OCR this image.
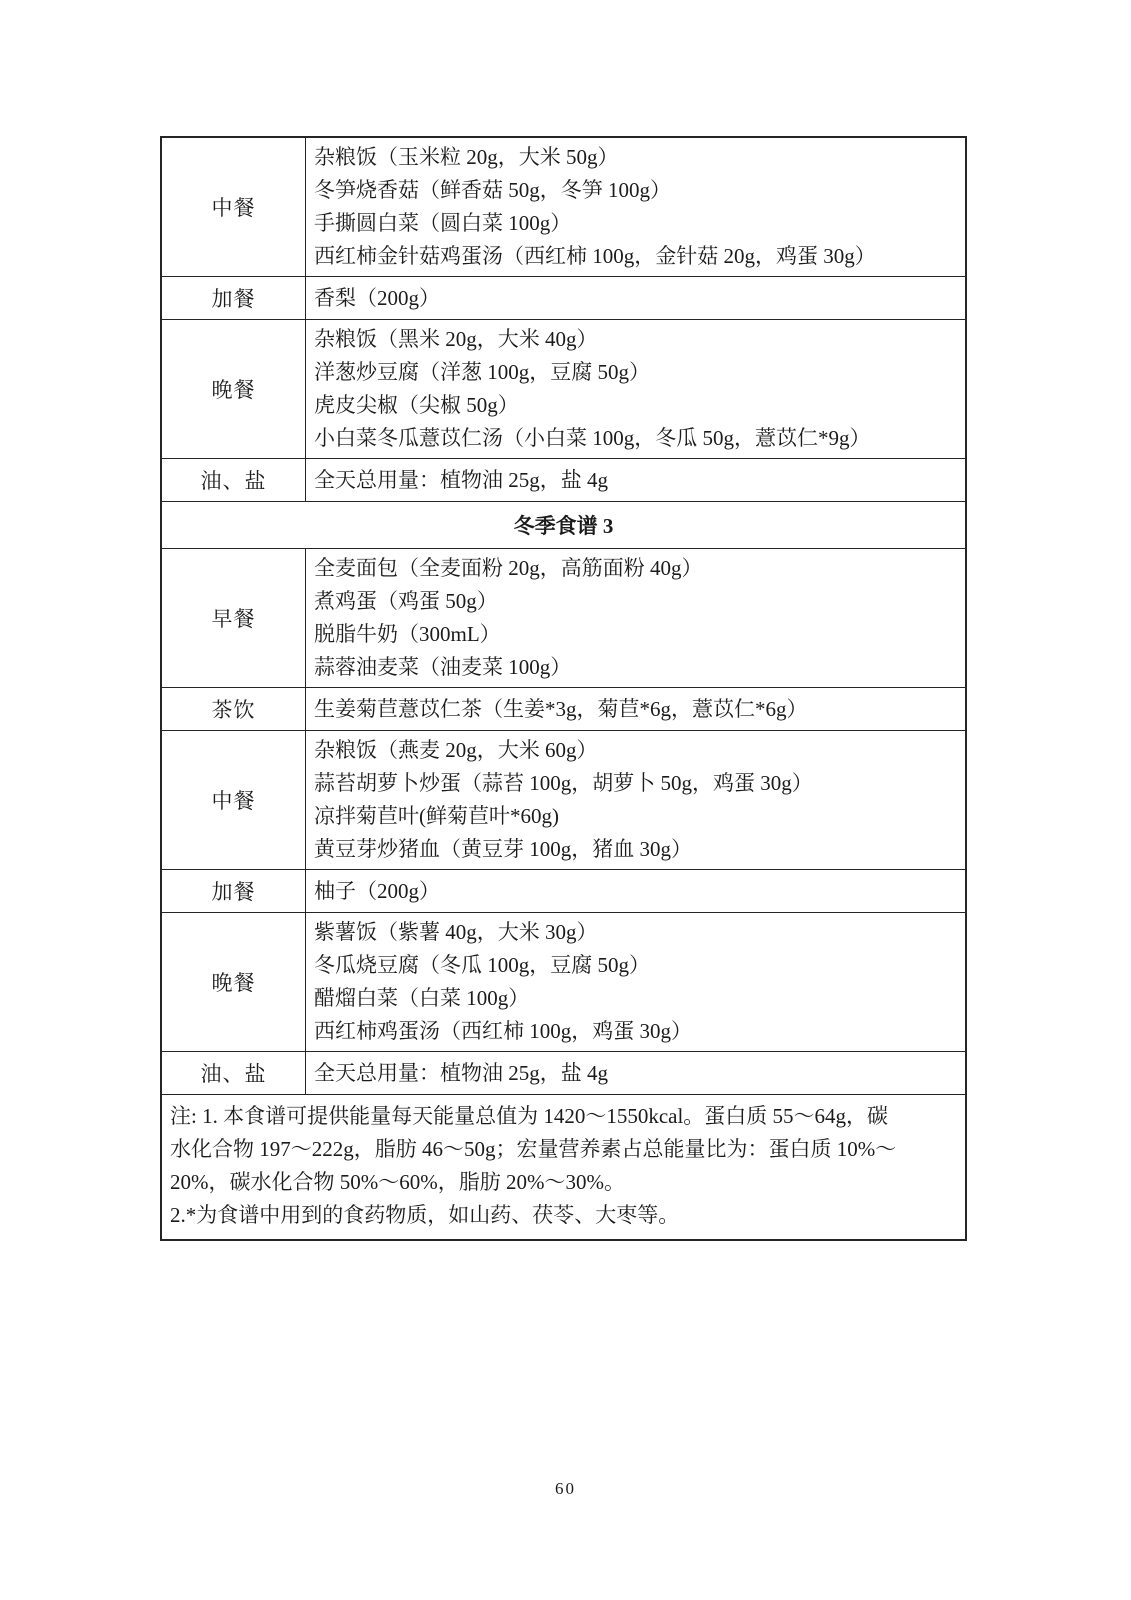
中餐	杂粮饭（玉米粒 20g，大米 50g）
冬笋烧香菇（鲜香菇 50g，冬笋 100g）
手撕圆白菜（圆白菜 100g）
西红柿金针菇鸡蛋汤（西红柿 100g，金针菇 20g，鸡蛋 30g）

加餐	香梨（200g）

晚餐	杂粮饭（黑米 20g，大米 40g）
洋葱炒豆腐（洋葱 100g，豆腐 50g）
虎皮尖椒（尖椒 50g）
小白菜冬瓜薏苡仁汤（小白菜 100g，冬瓜 50g，薏苡仁*9g）

油、盐	全天总用量：植物油 25g，盐 4g

冬季食谱 3	
早餐	全麦面包（全麦面粉 20g，高筋面粉 40g）
煮鸡蛋（鸡蛋 50g）
脱脂牛奶（300mL）
蒜蓉油麦菜（油麦菜 100g）

茶饮	生姜菊苣薏苡仁茶（生姜*3g，菊苣*6g，薏苡仁*6g）

中餐	杂粮饭（燕麦 20g，大米 60g）
蒜苔胡萝卜炒蛋（蒜苔 100g，胡萝卜 50g，鸡蛋 30g）
凉拌菊苣叶(鲜菊苣叶*60g)
黄豆芽炒猪血（黄豆芽 100g，猪血 30g）

加餐	柚子（200g）

晚餐	紫薯饭（紫薯 40g，大米 30g）
冬瓜烧豆腐（冬瓜 100g，豆腐 50g）
醋熘白菜（白菜 100g）
西红柿鸡蛋汤（西红柿 100g，鸡蛋 30g）

油、盐	全天总用量：植物油 25g，盐 4g

注: 1. 本食谱可提供能量每天能量总值为 1420～1550kcal。蛋白质 55～64g，碳
水化合物 197～222g，脂肪 46～50g；宏量营养素占总能量比为：蛋白质 10%～
20%，碳水化合物 50%～60%，脂肪 20%～30%。
2.*为食谱中用到的食药物质，如山药、茯苓、大枣等。	
60
